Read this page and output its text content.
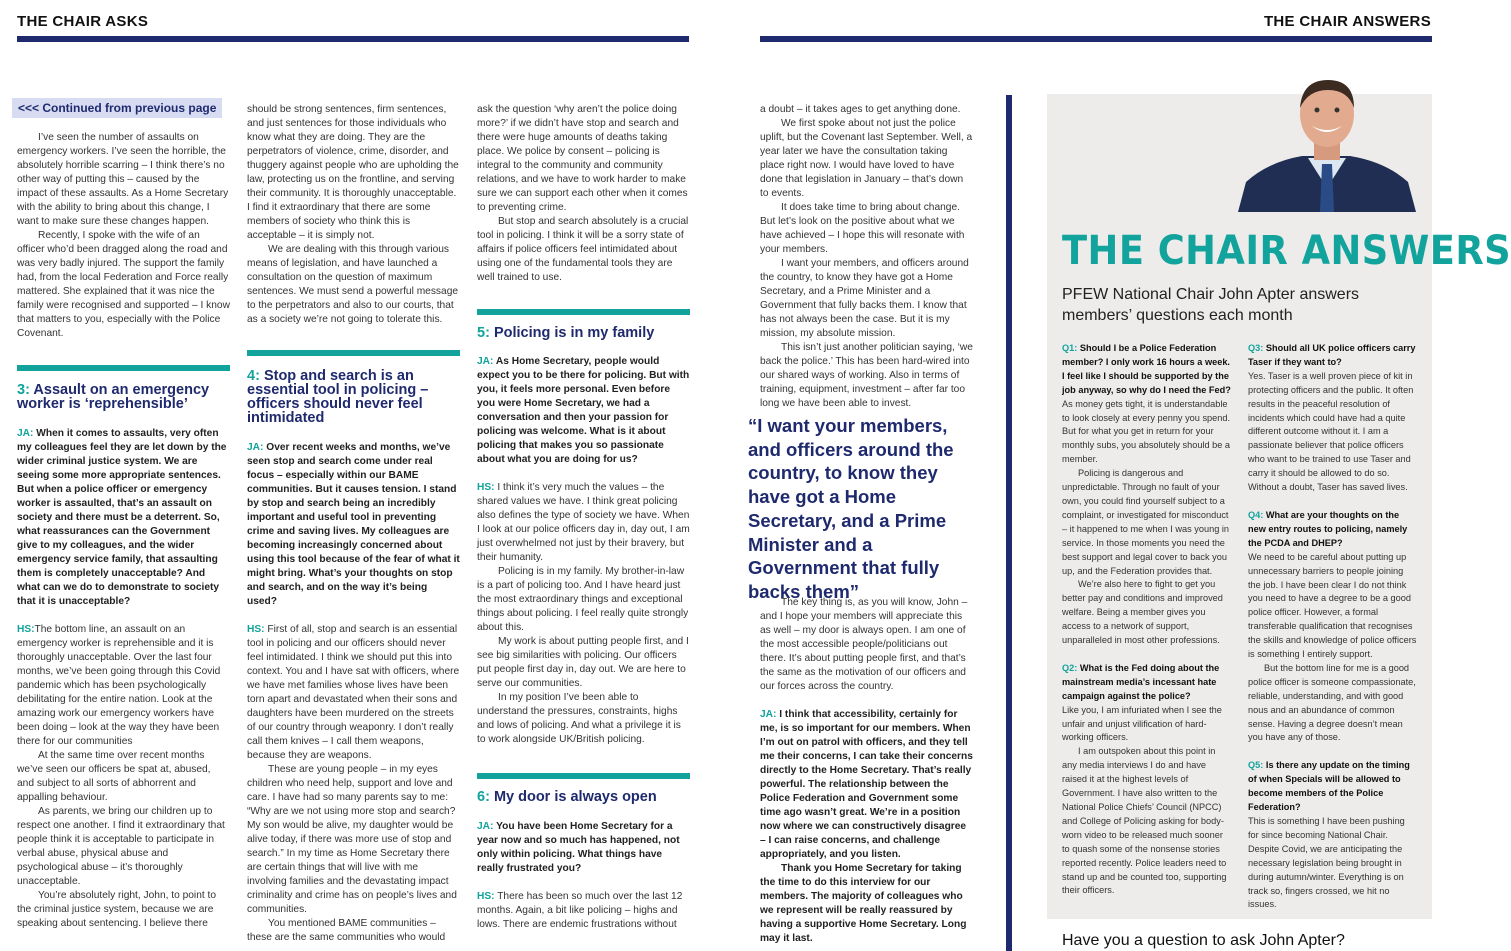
THE CHAIR ASKS	THE CHAIR ANSWERS
<<< Continued from previous page

I’ve seen the number of assaults on emergency workers. I’ve seen the horrible, the absolutely horrible scarring – I think there’s no other way of putting this – caused by the impact of these assaults. As a Home Secretary with the ability to bring about this change, I want to make sure these changes happen.

Recently, I spoke with the wife of an officer who’d been dragged along the road and was very badly injured. The support the family had, from the local Federation and Force really mattered. She explained that it was nice the family were recognised and supported – I know that matters to you, especially with the Police Covenant.

3: Assault on an emergency worker is ‘reprehensible’

JA: When it comes to assaults, very often my colleagues feel they are let down by the wider criminal justice system. We are seeing some more appropriate sentences. But when a police officer or emergency worker is assaulted, that’s an assault on society and there must be a deterrent. So, what reassurances can the Government give to my colleagues, and the wider emergency service family, that assaulting them is completely unacceptable? And what can we do to demonstrate to society that it is unacceptable?

HS:The bottom line, an assault on an emergency worker is reprehensible and it is thoroughly unacceptable. Over the last four months, we’ve been going through this Covid pandemic which has been psychologically debilitating for the entire nation. Look at the amazing work our emergency workers have been doing – look at the way they have been there for our communities

At the same time over recent months we’ve seen our officers be spat at, abused, and subject to all sorts of abhorrent and appalling behaviour.

As parents, we bring our children up to respect one another. I find it extraordinary that people think it is acceptable to participate in verbal abuse, physical abuse and psychological abuse – it’s thoroughly unacceptable.

You’re absolutely right, John, to point to the criminal justice system, because we are speaking about sentencing. I believe there

should be strong sentences, firm sentences, and just sentences for those individuals who know what they are doing. They are the perpetrators of violence, crime, disorder, and thuggery against people who are upholding the law, protecting us on the frontline, and serving their community. It is thoroughly unacceptable. I find it extraordinary that there are some members of society who think this is acceptable – it is simply not.

We are dealing with this through various means of legislation, and have launched a consultation on the question of maximum sentences. We must send a powerful message to the perpetrators and also to our courts, that as a society we’re not going to tolerate this.

4: Stop and search is an essential tool in policing – officers should never feel intimidated

JA: Over recent weeks and months, we’ve seen stop and search come under real focus – especially within our BAME communities. But it causes tension. I stand by stop and search being an incredibly important and useful tool in preventing crime and saving lives. My colleagues are becoming increasingly concerned about using this tool because of the fear of what it might bring. What’s your thoughts on stop and search, and on the way it’s being used?

HS: First of all, stop and search is an essential tool in policing and our officers should never feel intimidated. I think we should put this into context. You and I have sat with officers, where we have met families whose lives have been torn apart and devastated when their sons and daughters have been murdered on the streets of our country through weaponry. I don’t really call them knives – I call them weapons, because they are weapons.

These are young people – in my eyes children who need help, support and love and care. I have had so many parents say to me: “Why are we not using more stop and search? My son would be alive, my daughter would be alive today, if there was more use of stop and search.” In my time as Home Secretary there are certain things that will live with me involving families and the devastating impact criminality and crime has on people’s lives and communities.

You mentioned BAME communities – these are the same communities who would

ask the question ‘why aren’t the police doing more?’ if we didn’t have stop and search and there were huge amounts of deaths taking place. We police by consent – policing is integral to the community and community relations, and we have to work harder to make sure we can support each other when it comes to preventing crime.

But stop and search absolutely is a crucial tool in policing. I think it will be a sorry state of affairs if police officers feel intimidated about using one of the fundamental tools they are well trained to use.

5: Policing is in my family

JA: As Home Secretary, people would expect you to be there for policing. But with you, it feels more personal. Even before you were Home Secretary, we had a conversation and then your passion for policing was welcome. What is it about policing that makes you so passionate about what you are doing for us?

HS: I think it’s very much the values – the shared values we have. I think great policing also defines the type of society we have. When I look at our police officers day in, day out, I am just overwhelmed not just by their bravery, but their humanity.

Policing is in my family. My brother-in-law is a part of policing too. And I have heard just the most extraordinary things and exceptional things about policing. I feel really quite strongly about this.

My work is about putting people first, and I see big similarities with policing. Our officers put people first day in, day out. We are here to serve our communities.

In my position I’ve been able to understand the pressures, constraints, highs and lows of policing. And what a privilege it is to work alongside UK/British policing.

6: My door is always open

JA: You have been Home Secretary for a year now and so much has happened, not only within policing. What things have really frustrated you?

HS: There has been so much over the last 12 months. Again, a bit like policing – highs and lows. There are endemic frustrations without

a doubt – it takes ages to get anything done.

We first spoke about not just the police uplift, but the Covenant last September. Well, a year later we have the consultation taking place right now. I would have loved to have done that legislation in January – that’s down to events.

It does take time to bring about change. But let’s look on the positive about what we have achieved – I hope this will resonate with your members.

I want your members, and officers around the country, to know they have got a Home Secretary, and a Prime Minister and a Government that fully backs them. I know that has not always been the case. But it is my mission, my absolute mission.

This isn’t just another politician saying, ‘we back the police.’ This has been hard-wired into our shared ways of working. Also in terms of training, equipment, investment – after far too long we have been able to invest.

“I want your members, and officers around the country, to know they have got a Home Secretary, and a Prime Minister and a Government that fully backs them”

The key thing is, as you will know, John – and I hope your members will appreciate this as well – my door is always open. I am one of the most accessible people/politicians out there. It’s about putting people first, and that’s the same as the motivation of our officers and our forces across the country.

JA: I think that accessibility, certainly for me, is so important for our members. When I’m out on patrol with officers, and they tell me their concerns, I can take their concerns directly to the Home Secretary. That’s really powerful. The relationship between the Police Federation and Government some time ago wasn’t great. We’re in a position now where we can constructively disagree – I can raise concerns, and challenge appropriately, and you listen.

Thank you Home Secretary for taking the time to do this interview for our members. The majority of colleagues who we represent will be really reassured by having a supportive Home Secretary. Long may it last.

THE CHAIR ANSWERS
PFEW National Chair John Apter answers members’ questions each month

Q1: Should I be a Police Federation member? I only work 16 hours a week. I feel like I should be supported by the job anyway, so why do I need the Fed?

As money gets tight, it is understandable to look closely at every penny you spend. But for what you get in return for your monthly subs, you absolutely should be a member.

Policing is dangerous and unpredictable. Through no fault of your own, you could find yourself subject to a complaint, or investigated for misconduct – it happened to me when I was young in service. In those moments you need the best support and legal cover to back you up, and the Federation provides that.

We’re also here to fight to get you better pay and conditions and improved welfare. Being a member gives you access to a network of support, unparalleled in most other professions.

Q2: What is the Fed doing about the mainstream media’s incessant hate campaign against the police?

Like you, I am infuriated when I see the unfair and unjust vilification of hard-working officers.

I am outspoken about this point in any media interviews I do and have raised it at the highest levels of Government. I have also written to the National Police Chiefs’ Council (NPCC) and College of Policing asking for body-worn video to be released much sooner to quash some of the nonsense stories reported recently. Police leaders need to stand up and be counted too, supporting their officers.

Q3: Should all UK police officers carry Taser if they want to?

Yes. Taser is a well proven piece of kit in protecting officers and the public. It often results in the peaceful resolution of incidents which could have had a quite different outcome without it. I am a passionate believer that police officers who want to be trained to use Taser and carry it should be allowed to do so. Without a doubt, Taser has saved lives.

Q4: What are your thoughts on the new entry routes to policing, namely the PCDA and DHEP?

We need to be careful about putting up unnecessary barriers to people joining the job. I have been clear I do not think you need to have a degree to be a good police officer. However, a formal transferable qualification that recognises the skills and knowledge of police officers is something I entirely support.

But the bottom line for me is a good police officer is someone compassionate, reliable, understanding, and with good nous and an abundance of common sense. Having a degree doesn’t mean you have any of those.

Q5: Is there any update on the timing of when Specials will be allowed to become members of the Police Federation?

This is something I have been pushing for since becoming National Chair. Despite Covid, we are anticipating the necessary legislation being brought in during autumn/winter. Everything is on track so, fingers crossed, we hit no issues.

Have you a question to ask John Apter?
